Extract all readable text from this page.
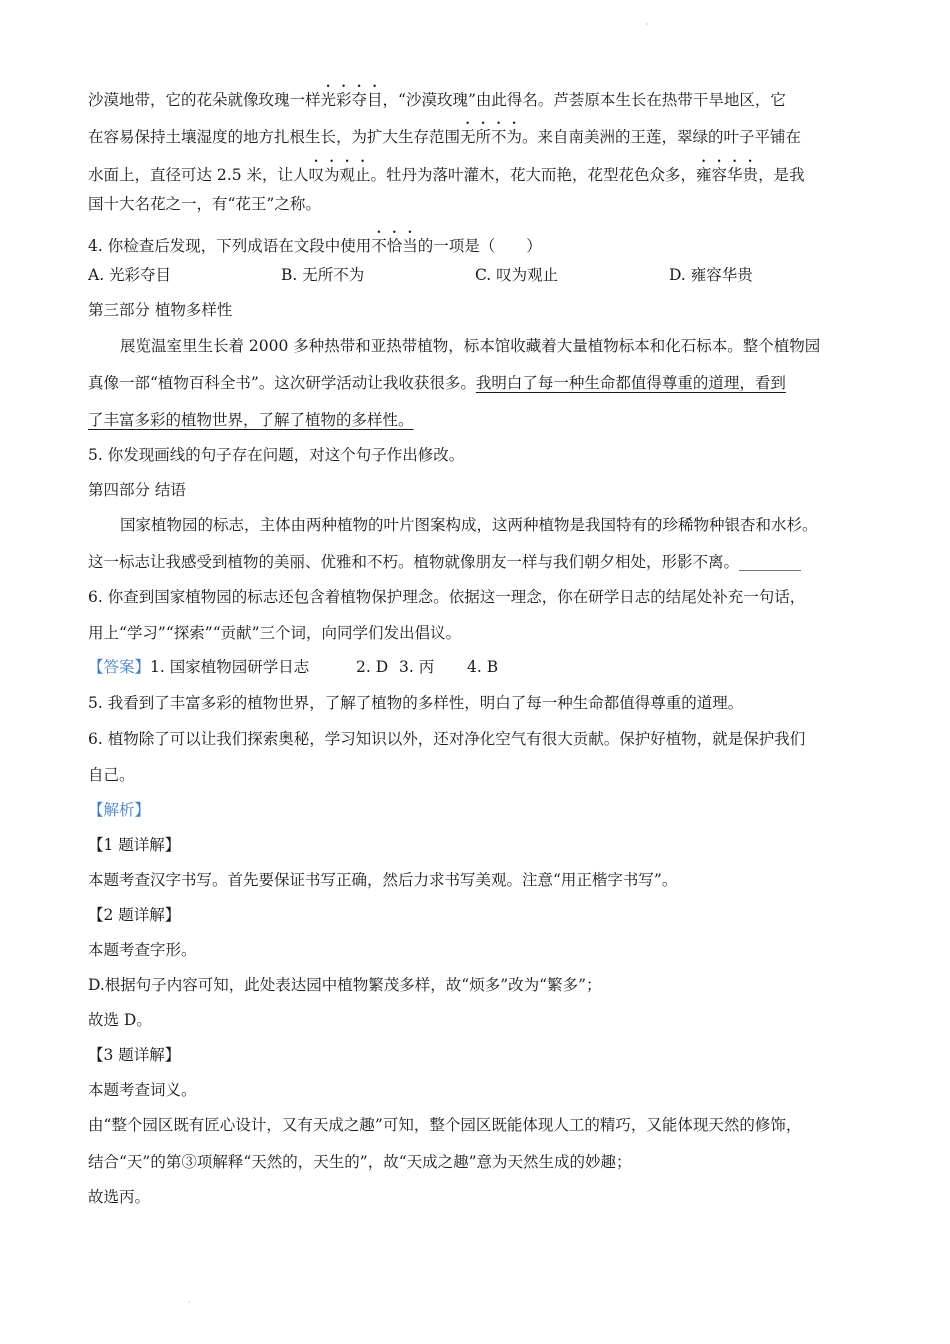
·
沙漠地带，它的花朵就像玫瑰一样光彩夺目，“沙漠玫瑰”由此得名。芦荟原本生长在热带干旱地区，它
在容易保持土壤湿度的地方扎根生长，为扩大生存范围无所不为。来自南美洲的王莲，翠绿的叶子平铺在
水面上，直径可达 2.5 米，让人叹为观止。牡丹为落叶灌木，花大而艳，花型花色众多，雍容华贵，是我
国十大名花之一，有“花王”之称。
4. 你检查后发现，下列成语在文段中使用不恰当的一项是（　　）
A. 光彩夺目	B. 无所不为	C. 叹为观止	D. 雍容华贵
第三部分 植物多样性
展览温室里生长着 2000 多种热带和亚热带植物，标本馆收藏着大量植物标本和化石标本。整个植物园
真像一部“植物百科全书”。这次研学活动让我收获很多。我明白了每一种生命都值得尊重的道理，看到
了丰富多彩的植物世界，了解了植物的多样性。
5. 你发现画线的句子存在问题，对这个句子作出修改。
第四部分 结语
国家植物园的标志，主体由两种植物的叶片图案构成，这两种植物是我国特有的珍稀物种银杏和水杉。
这一标志让我感受到植物的美丽、优雅和不朽。植物就像朋友一样与我们朝夕相处，形影不离。________
6. 你查到国家植物园的标志还包含着植物保护理念。依据这一理念，你在研学日志的结尾处补充一句话，
用上“学习”“探索”“贡献”三个词，向同学们发出倡议。
【答案】1. 国家植物园研学日志	2. D 3. 丙 4. B
5. 我看到了丰富多彩的植物世界，了解了植物的多样性，明白了每一种生命都值得尊重的道理。
6. 植物除了可以让我们探索奥秘，学习知识以外，还对净化空气有很大贡献。保护好植物，就是保护我们
自己。
【解析】
【1 题详解】
本题考查汉字书写。首先要保证书写正确，然后力求书写美观。注意“用正楷字书写”。
【2 题详解】
本题考查字形。
D.根据句子内容可知，此处表达园中植物繁茂多样，故“烦多”改为“繁多”；
故选 D。
【3 题详解】
本题考查词义。
由“整个园区既有匠心设计，又有天成之趣”可知，整个园区既能体现人工的精巧，又能体现天然的修饰，
结合“天”的第③项解释“天然的，天生的”，故“天成之趣”意为天然生成的妙趣；
故选丙。
·
